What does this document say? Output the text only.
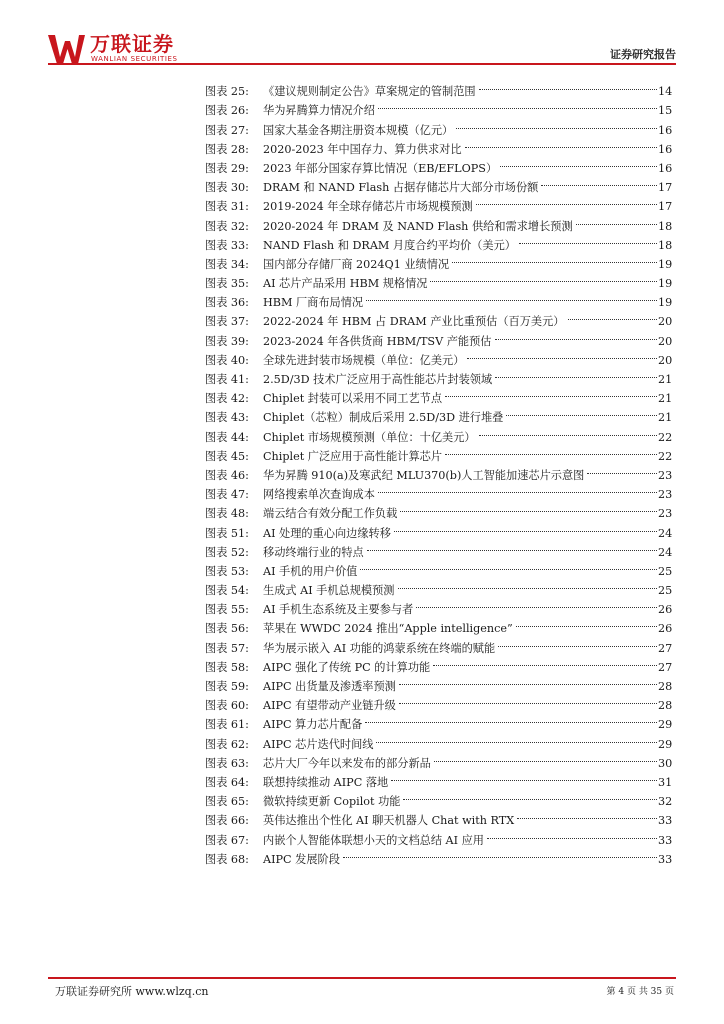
万联证券
WANLIAN SECURITIES	证券研究报告
图表 25:	《建议规则制定公告》草案规定的管制范围	14
图表 26:	华为昇腾算力情况介绍	15
图表 27:	国家大基金各期注册资本规模（亿元）	16
图表 28:	2020-2023 年中国存力、算力供求对比	16
图表 29:	2023 年部分国家存算比情况（EB/EFLOPS）	16
图表 30:	DRAM 和 NAND Flash 占据存储芯片大部分市场份额	17
图表 31:	2019-2024 年全球存储芯片市场规模预测	17
图表 32:	2020-2024 年 DRAM 及 NAND Flash 供给和需求增长预测	18
图表 33:	NAND Flash 和 DRAM 月度合约平均价（美元）	18
图表 34:	国内部分存储厂商 2024Q1 业绩情况	19
图表 35:	AI 芯片产品采用 HBM 规格情况	19
图表 36:	HBM 厂商布局情况	19
图表 37:	2022-2024 年 HBM 占 DRAM 产业比重预估（百万美元）	20
图表 39:	2023-2024 年各供货商 HBM/TSV 产能预估	20
图表 40:	全球先进封装市场规模（单位：亿美元）	20
图表 41:	2.5D/3D 技术广泛应用于高性能芯片封装领域	21
图表 42:	Chiplet 封装可以采用不同工艺节点	21
图表 43:	Chiplet（芯粒）制成后采用 2.5D/3D 进行堆叠	21
图表 44:	Chiplet 市场规模预测（单位：十亿美元）	22
图表 45:	Chiplet 广泛应用于高性能计算芯片	22
图表 46:	华为昇腾 910(a)及寒武纪 MLU370(b)人工智能加速芯片示意图	23
图表 47:	网络搜索单次查询成本	23
图表 48:	端云结合有效分配工作负载	23
图表 51:	AI 处理的重心向边缘转移	24
图表 52:	移动终端行业的特点	24
图表 53:	AI 手机的用户价值	25
图表 54:	生成式 AI 手机总规模预测	25
图表 55:	AI 手机生态系统及主要参与者	26
图表 56:	苹果在 WWDC 2024 推出“Apple intelligence”	26
图表 57:	华为展示嵌入 AI 功能的鸿蒙系统在终端的赋能	27
图表 58:	AIPC 强化了传统 PC 的计算功能	27
图表 59:	AIPC 出货量及渗透率预测	28
图表 60:	AIPC 有望带动产业链升级	28
图表 61:	AIPC 算力芯片配备	29
图表 62:	AIPC 芯片迭代时间线	29
图表 63:	芯片大厂今年以来发布的部分新品	30
图表 64:	联想持续推动 AIPC 落地	31
图表 65:	微软持续更新 Copilot 功能	32
图表 66:	英伟达推出个性化 AI 聊天机器人 Chat with RTX	33
图表 67:	内嵌个人智能体联想小天的文档总结 AI 应用	33
图表 68:	AIPC 发展阶段	33
万联证券研究所 www.wlzq.cn	第 4 页 共 35 页
